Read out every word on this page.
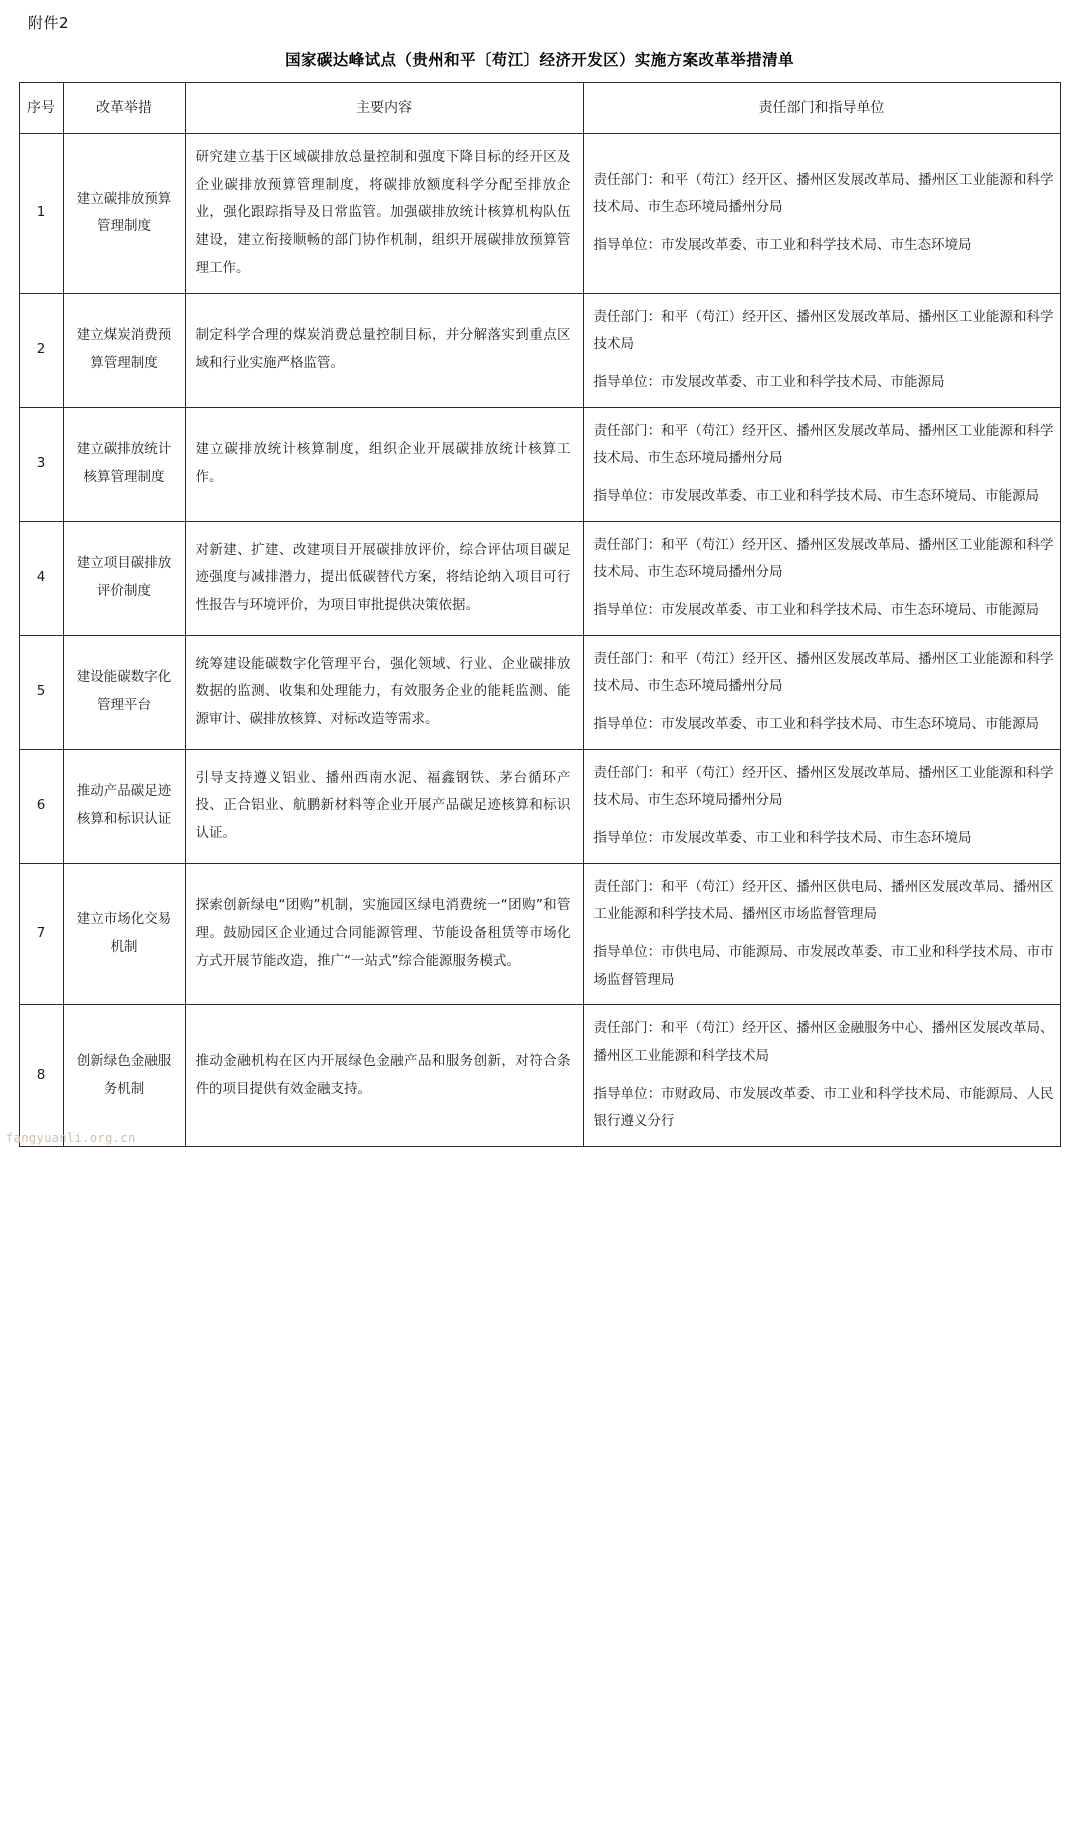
附件2
国家碳达峰试点（贵州和平〔苟江〕经济开发区）实施方案改革举措清单
序号	改革举措	主要内容	责任部门和指导单位
1	建立碳排放预算管理制度	研究建立基于区域碳排放总量控制和强度下降目标的经开区及企业碳排放预算管理制度，将碳排放额度科学分配至排放企业，强化跟踪指导及日常监管。加强碳排放统计核算机构队伍建设，建立衔接顺畅的部门协作机制，组织开展碳排放预算管理工作。	责任部门：和平（苟江）经开区、播州区发展改革局、播州区工业能源和科学技术局、市生态环境局播州分局
指导单位：市发展改革委、市工业和科学技术局、市生态环境局

2	建立煤炭消费预算管理制度	制定科学合理的煤炭消费总量控制目标，并分解落实到重点区域和行业实施严格监管。	责任部门：和平（苟江）经开区、播州区发展改革局、播州区工业能源和科学技术局
指导单位：市发展改革委、市工业和科学技术局、市能源局

3	建立碳排放统计核算管理制度	建立碳排放统计核算制度，组织企业开展碳排放统计核算工作。	责任部门：和平（苟江）经开区、播州区发展改革局、播州区工业能源和科学技术局、市生态环境局播州分局
指导单位：市发展改革委、市工业和科学技术局、市生态环境局、市能源局

4	建立项目碳排放评价制度	对新建、扩建、改建项目开展碳排放评价，综合评估项目碳足迹强度与减排潜力，提出低碳替代方案，将结论纳入项目可行性报告与环境评价，为项目审批提供决策依据。	责任部门：和平（苟江）经开区、播州区发展改革局、播州区工业能源和科学技术局、市生态环境局播州分局
指导单位：市发展改革委、市工业和科学技术局、市生态环境局、市能源局

5	建设能碳数字化管理平台	统筹建设能碳数字化管理平台，强化领域、行业、企业碳排放数据的监测、收集和处理能力，有效服务企业的能耗监测、能源审计、碳排放核算、对标改造等需求。	责任部门：和平（苟江）经开区、播州区发展改革局、播州区工业能源和科学技术局、市生态环境局播州分局
指导单位：市发展改革委、市工业和科学技术局、市生态环境局、市能源局

6	推动产品碳足迹核算和标识认证	引导支持遵义铝业、播州西南水泥、福鑫钢铁、茅台循环产投、正合铝业、航鹏新材料等企业开展产品碳足迹核算和标识认证。	责任部门：和平（苟江）经开区、播州区发展改革局、播州区工业能源和科学技术局、市生态环境局播州分局
指导单位：市发展改革委、市工业和科学技术局、市生态环境局

7	建立市场化交易机制	探索创新绿电“团购”机制，实施园区绿电消费统一“团购”和管理。鼓励园区企业通过合同能源管理、节能设备租赁等市场化方式开展节能改造，推广“一站式”综合能源服务模式。	责任部门：和平（苟江）经开区、播州区供电局、播州区发展改革局、播州区工业能源和科学技术局、播州区市场监督管理局
指导单位：市供电局、市能源局、市发展改革委、市工业和科学技术局、市市场监督管理局

8	创新绿色金融服务机制	推动金融机构在区内开展绿色金融产品和服务创新，对符合条件的项目提供有效金融支持。	责任部门：和平（苟江）经开区、播州区金融服务中心、播州区发展改革局、播州区工业能源和科学技术局
指导单位：市财政局、市发展改革委、市工业和科学技术局、市能源局、人民银行遵义分行
fangyuanli.org.cn
